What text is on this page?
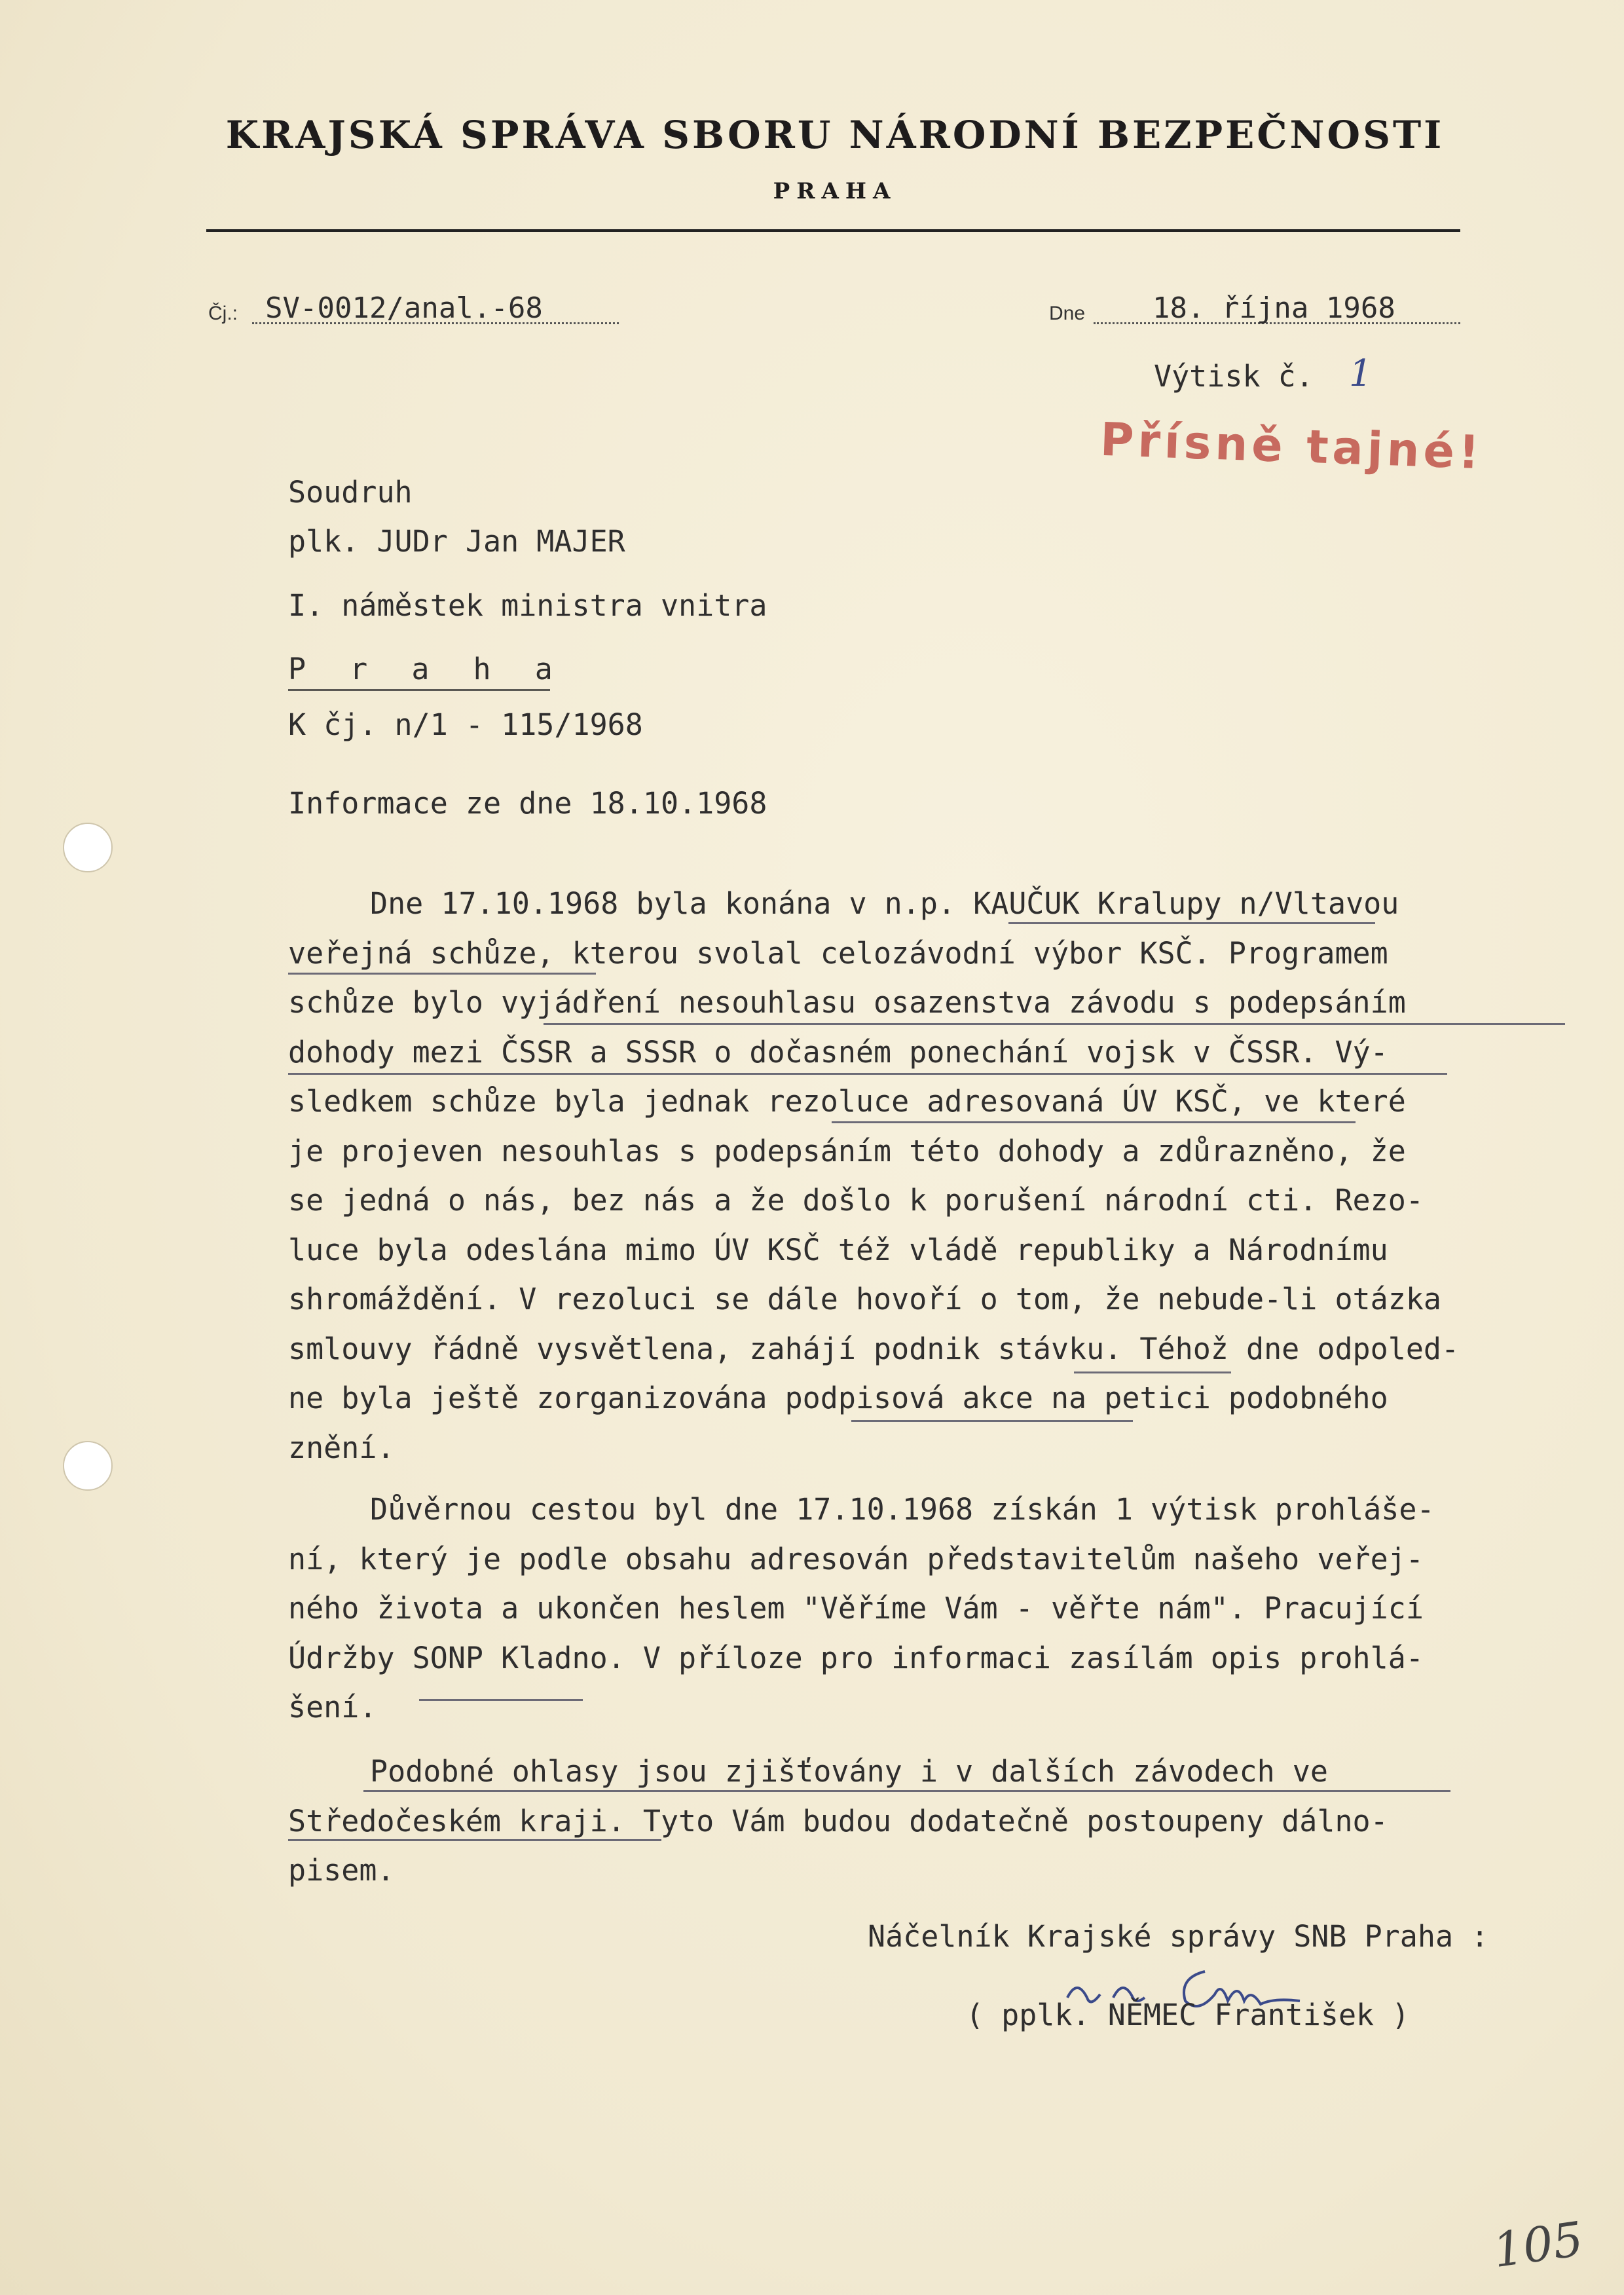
KRAJSKÁ SPRÁVA SBORU NÁRODNÍ BEZPEČNOSTI
PRAHA
Čj.: SV-0012/anal.-68	Dne 18. října 1968
Výtisk č. 1
Přísně tajné!
Soudruh
plk. JUDr Jan MAJER
I. náměstek ministra vnitra
P r a h a
K čj. n/1 - 115/1968
Informace ze dne 18.10.1968

Dne 17.10.1968 byla konána v n.p. KAUČUK Kralupy n/Vltavou

veřejná schůze, kterou svolal celozávodní výbor KSČ. Programem

schůze bylo vyjádření nesouhlasu osazenstva závodu s podepsáním

dohody mezi ČSSR a SSSR o dočasném ponechání vojsk v ČSSR. Vý-

sledkem schůze byla jednak rezoluce adresovaná ÚV KSČ, ve které

je projeven nesouhlas s podepsáním této dohody a zdůrazněno, že

se jedná o nás, bez nás a že došlo k porušení národní cti. Rezo-

luce byla odeslána mimo ÚV KSČ též vládě republiky a Národnímu

shromáždění. V rezoluci se dále hovoří o tom, že nebude-li otázka

smlouvy řádně vysvětlena, zahájí podnik stávku. Téhož dne odpoled-

ne byla ještě zorganizována podpisová akce na petici podobného

znění.

Důvěrnou cestou byl dne 17.10.1968 získán 1 výtisk prohláše-

ní, který je podle obsahu adresován představitelům našeho veřej-

ného života a ukončen heslem "Věříme Vám - věřte nám". Pracující

Údržby SONP Kladno. V příloze pro informaci zasílám opis prohlá-

šení.

Podobné ohlasy jsou zjišťovány i v dalších závodech ve

Středočeském kraji. Tyto Vám budou dodatečně postoupeny dálno-

pisem.

Náčelník Krajské správy SNB Praha :
( pplk. NĚMEC František )
105
